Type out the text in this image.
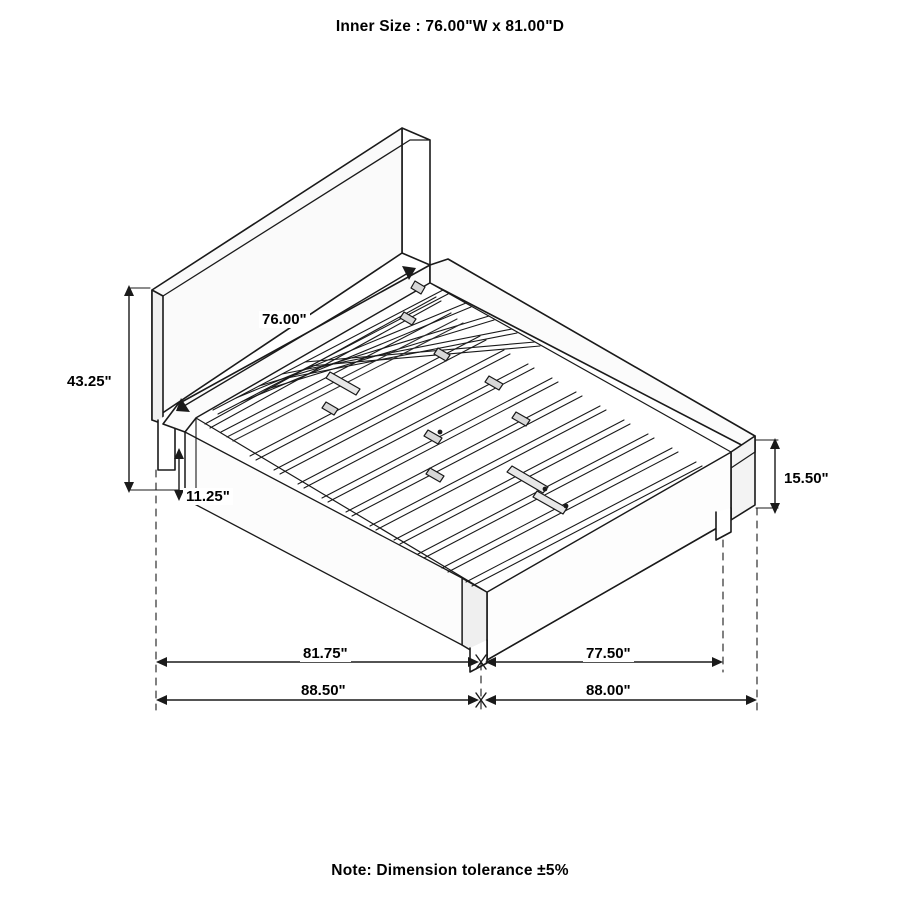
Inner Size : 76.00"W x 81.00"D
43.25"
76.00"
11.25"
15.50"
81.75"	77.50"
88.50"	88.00"
Note: Dimension tolerance ±5%
